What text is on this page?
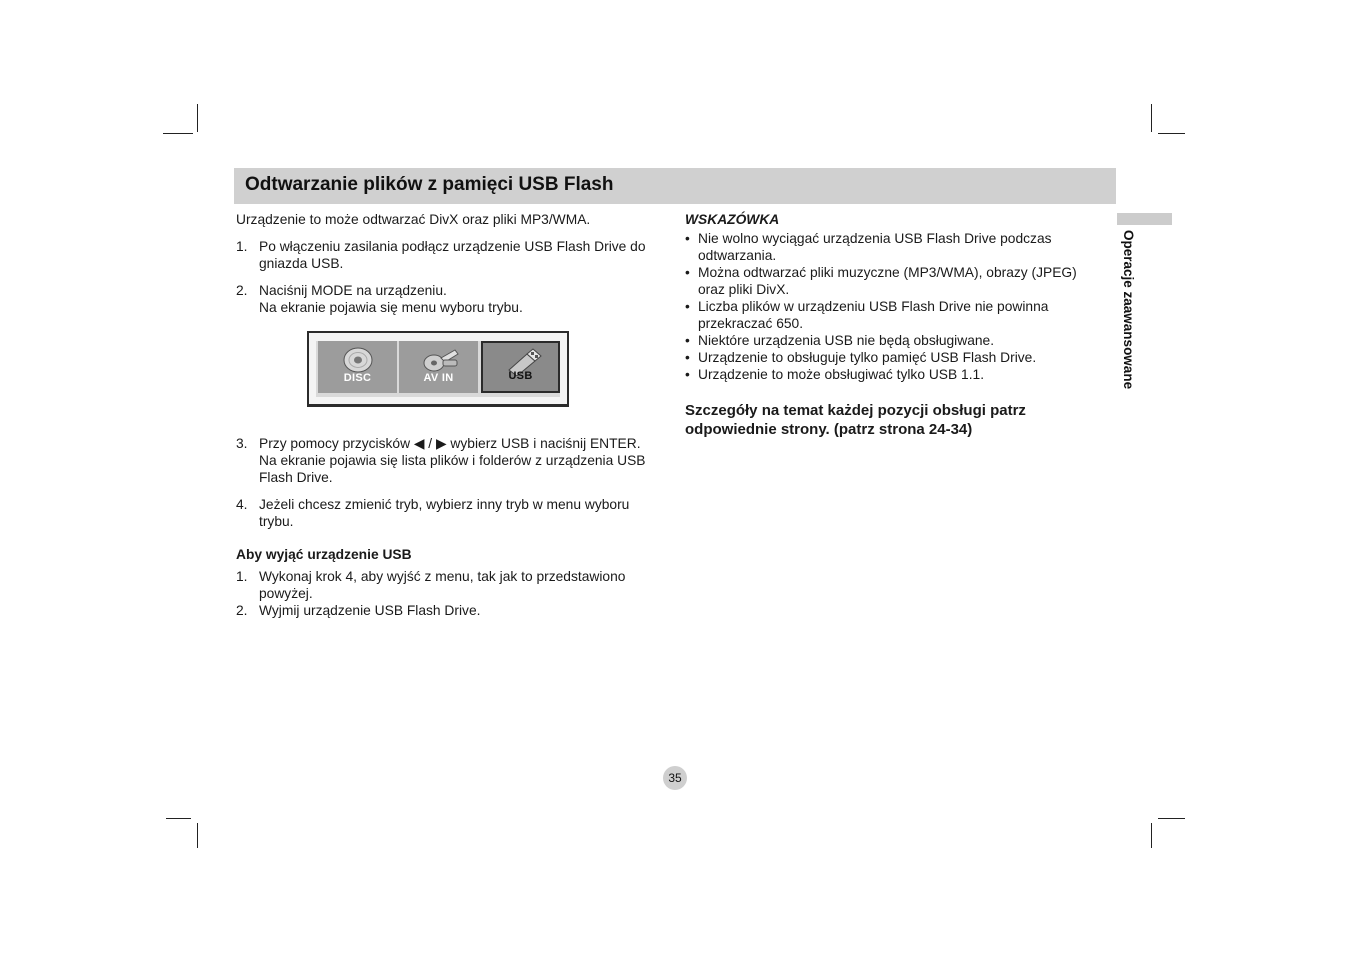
Odtwarzanie plików z pamięci USB Flash
Operacje zaawansowane

Urządzenie to może odtwarzać DivX oraz pliki MP3/WMA.

1. Po włączeniu zasilania podłącz urządzenie USB Flash Drive do gniazda USB.
2. Naciśnij MODE na urządzeniu.
Na ekranie pojawia się menu wyboru trybu.
DISC	AV IN	USB
3. Przy pomocy przycisków ◀ / ▶ wybierz USB i naciśnij ENTER.
Na ekranie pojawia się lista plików i folderów z urządzenia USB Flash Drive.
4. Jeżeli chcesz zmienić tryb, wybierz inny tryb w menu wyboru trybu.

Aby wyjąć urządzenie USB

1. Wykonaj krok 4, aby wyjść z menu, tak jak to przedstawiono powyżej.
2. Wyjmij urządzenie USB Flash Drive.

WSKAZÓWKA

• Nie wolno wyciągać urządzenia USB Flash Drive podczas odtwarzania.
• Można odtwarzać pliki muzyczne (MP3/WMA), obrazy (JPEG) oraz pliki DivX.
• Liczba plików w urządzeniu USB Flash Drive nie powinna przekraczać 650.
• Niektóre urządzenia USB nie będą obsługiwane.
• Urządzenie to obsługuje tylko pamięć USB Flash Drive.
• Urządzenie to może obsługiwać tylko USB 1.1.

Szczegóły na temat każdej pozycji obsługi patrz odpowiednie strony. (patrz strona 24-34)

35
